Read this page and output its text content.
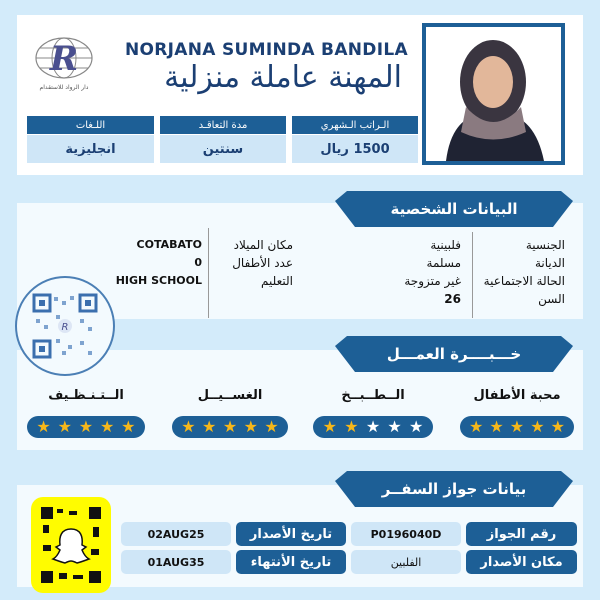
R
دار الرواد للاستقدام
NORJANA SUMINDA BANDILA
المهنة عاملة منزلية
الـراتب الـشهري
1500 ريال
مدة التعاقـد
سنتين
اللـغات
انجليزية
البيانات الشخصية
الجنسية
الديانة
الحالة الاجتماعية
السن
فلبينية
مسلمة
غير متزوجة
26
مكان الميلاد
عدد الأطفال
التعليم
COTABATO
0
HIGH SCHOOL
R
خـــبــــرة العمـــل
محبة الأطفال
★ ★ ★ ★ ★
الــطــبــخ
★ ★ ★ ★ ★
الغســيــل
★ ★ ★ ★ ★
الــتـنـظـيف
★ ★ ★ ★ ★
بيانات جواز السفــر
رقم الجواز
P0196040D
تاريخ الأصدار
02AUG25
مكان الأصدار
الفلبين
تاريخ الأنتهاء
01AUG35
